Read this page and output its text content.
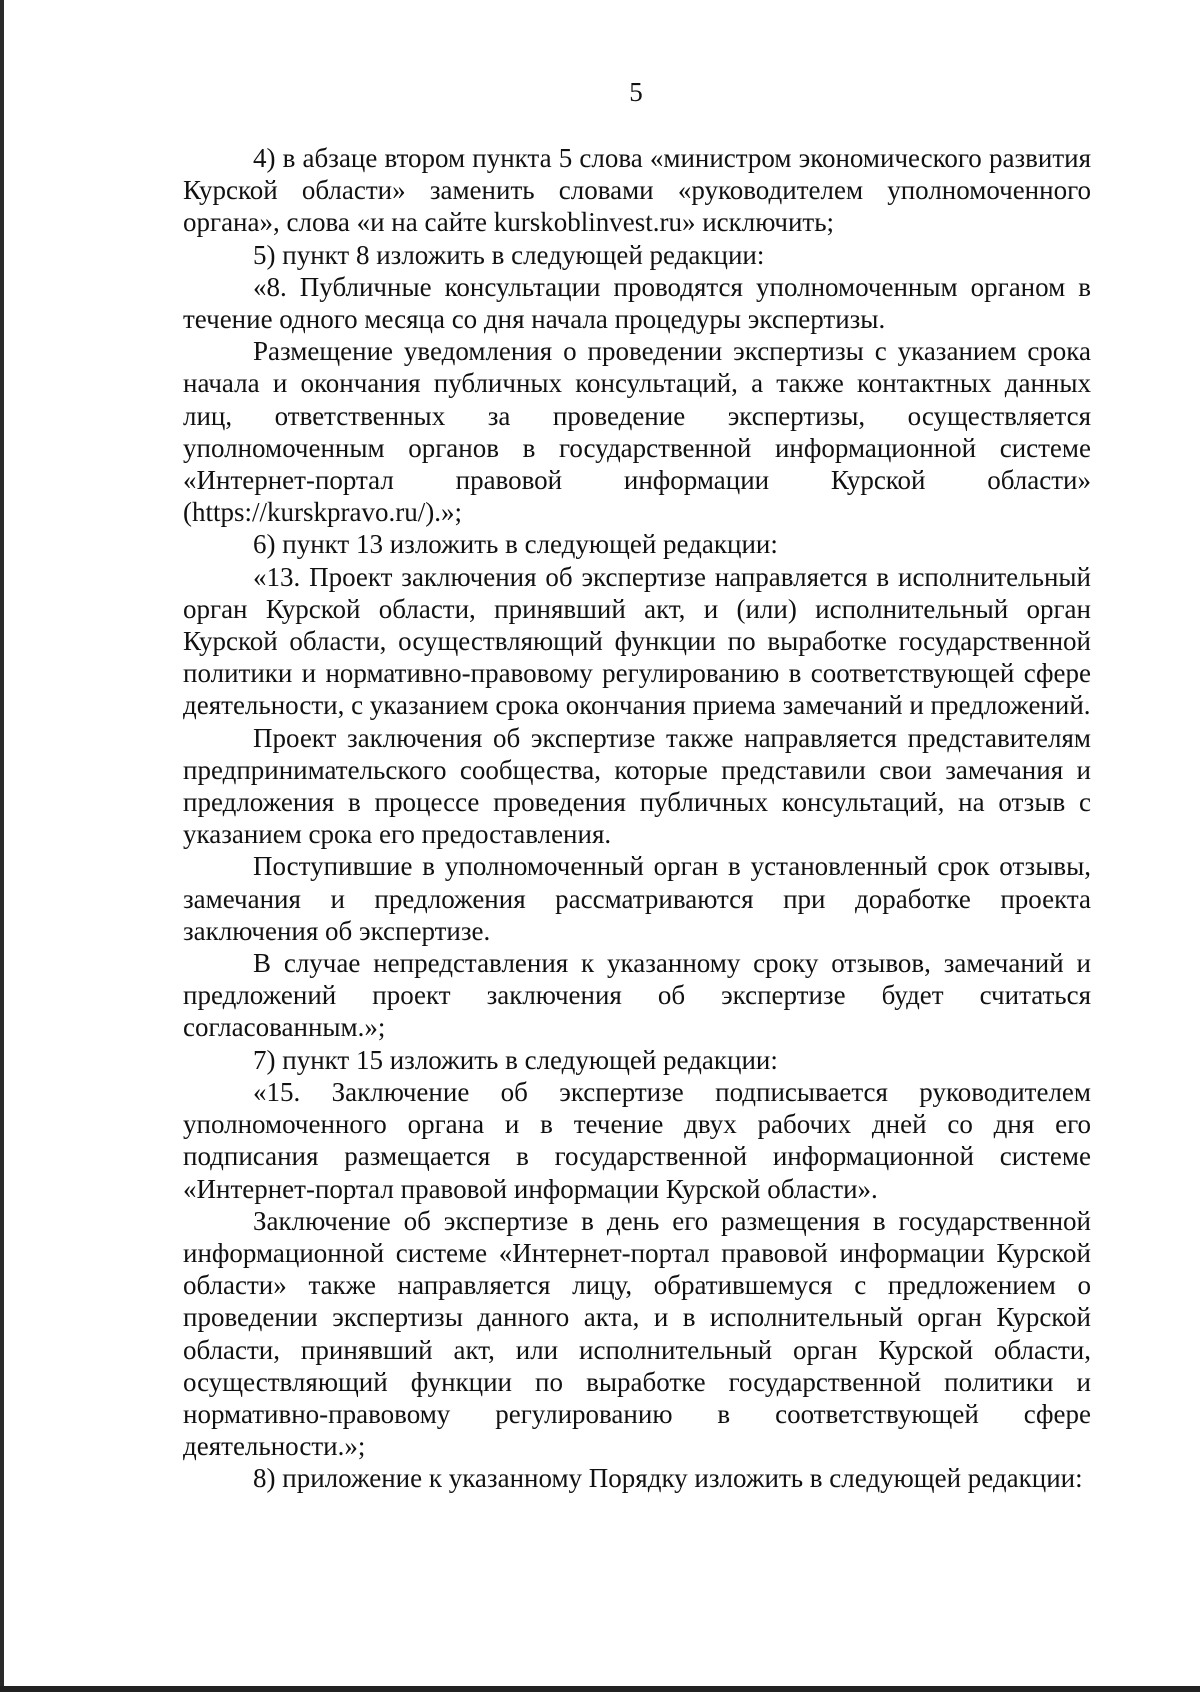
5

4) в абзаце втором пункта 5 слова «министром экономического развития Курской области» заменить словами «руководителем уполномоченного органа», слова «и на сайте kurskoblinvest.ru» исключить;

5) пункт 8 изложить в следующей редакции:

«8. Публичные консультации проводятся уполномоченным органом в течение одного месяца со дня начала процедуры экспертизы.

Размещение уведомления о проведении экспертизы с указанием срока начала и окончания публичных консультаций, а также контактных данных лиц, ответственных за проведение экспертизы, осуществляется уполномоченным органов в государственной информационной системе «Интернет-портал правовой информации Курской области» (https://kurskpravo.ru/).»;

6) пункт 13 изложить в следующей редакции:

«13. Проект заключения об экспертизе направляется в исполнительный орган Курской области, принявший акт, и (или) исполнительный орган Курской области, осуществляющий функции по выработке государственной политики и нормативно-правовому регулированию в соответствующей сфере деятельности, с указанием срока окончания приема замечаний и предложений.

Проект заключения об экспертизе также направляется представителям предпринимательского сообщества, которые представили свои замечания и предложения в процессе проведения публичных консультаций, на отзыв с указанием срока его предоставления.

Поступившие в уполномоченный орган в установленный срок отзывы, замечания и предложения рассматриваются при доработке проекта заключения об экспертизе.

В случае непредставления к указанному сроку отзывов, замечаний и предложений проект заключения об экспертизе будет считаться согласованным.»;

7) пункт 15 изложить в следующей редакции:

«15. Заключение об экспертизе подписывается руководителем уполномоченного органа и в течение двух рабочих дней со дня его подписания размещается в государственной информационной системе «Интернет-портал правовой информации Курской области».

Заключение об экспертизе в день его размещения в государственной информационной системе «Интернет-портал правовой информации Курской области» также направляется лицу, обратившемуся с предложением о проведении экспертизы данного акта, и в исполнительный орган Курской области, принявший акт, или исполнительный орган Курской области, осуществляющий функции по выработке государственной политики и нормативно-правовому регулированию в соответствующей сфере деятельности.»;

8) приложение к указанному Порядку изложить в следующей редакции:
